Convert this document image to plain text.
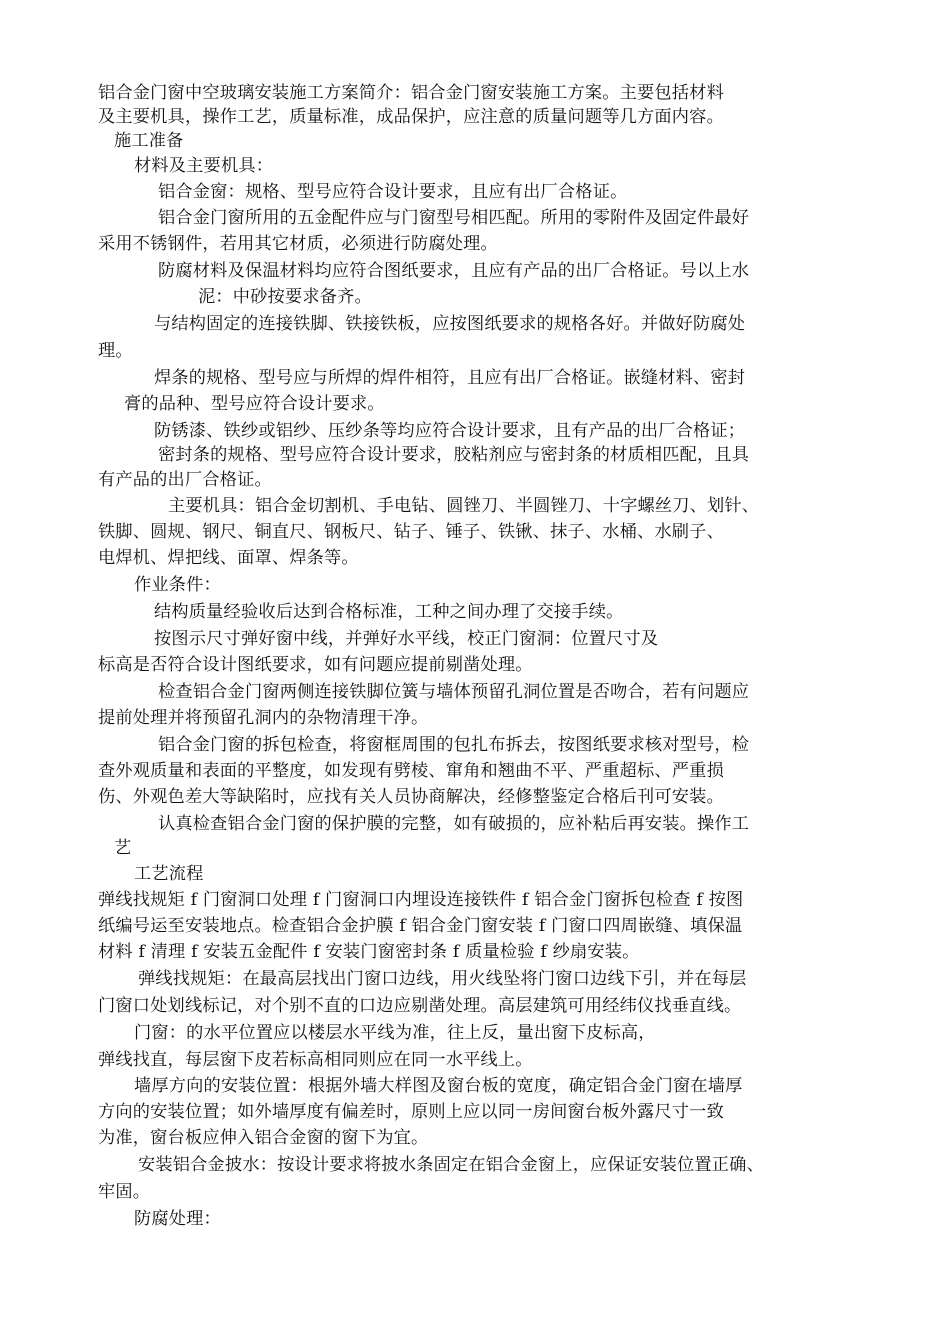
铝合金门窗中空玻璃安装施工方案简介：铝合金门窗安装施工方案。主要包括材料
及主要机具，操作工艺，质量标准，成品保护，应注意的质量问题等几方面内容。
施工准备
材料及主要机具：
铝合金窗：规格、型号应符合设计要求，且应有出厂合格证。
铝合金门窗所用的五金配件应与门窗型号相匹配。所用的零附件及固定件最好
采用不锈钢件，若用其它材质，必须进行防腐处理。
防腐材料及保温材料均应符合图纸要求，且应有产品的出厂合格证。号以上水
泥：中砂按要求备齐。
与结构固定的连接铁脚、铁接铁板，应按图纸要求的规格各好。并做好防腐处
理。
焊条的规格、型号应与所焊的焊件相符，且应有出厂合格证。嵌缝材料、密封
膏的品种、型号应符合设计要求。
防锈漆、铁纱或铝纱、压纱条等均应符合设计要求，且有产品的出厂合格证；
密封条的规格、型号应符合设计要求，胶粘剂应与密封条的材质相匹配，且具
有产品的出厂合格证。
主要机具：铝合金切割机、手电钻、圆锉刀、半圆锉刀、十字螺丝刀、划针、
铁脚、圆规、钢尺、铜直尺、钢板尺、钻子、锤子、铁锹、抹子、水桶、水刷子、
电焊机、焊把线、面罩、焊条等。
作业条件：
结构质量经验收后达到合格标准，工种之间办理了交接手续。
按图示尺寸弹好窗中线，并弹好水平线，校正门窗洞：位置尺寸及
标高是否符合设计图纸要求，如有问题应提前剔凿处理。
检查铝合金门窗两侧连接铁脚位簧与墙体预留孔洞位置是否吻合，若有问题应
提前处理并将预留孔洞内的杂物清理干净。
铝合金门窗的拆包检查，将窗框周围的包扎布拆去，按图纸要求核对型号，检
查外观质量和表面的平整度，如发现有劈棱、窜角和翘曲不平、严重超标、严重损
伤、外观色差大等缺陷时，应找有关人员协商解决，经修整鉴定合格后刊可安装。
认真检查铝合金门窗的保护膜的完整，如有破损的，应补粘后再安装。操作工
艺
工艺流程
弹线找规矩 f 门窗洞口处理 f 门窗洞口内埋设连接铁件 f 铝合金门窗拆包检查 f 按图
纸编号运至安装地点。检查铝合金护膜 f 铝合金门窗安装 f 门窗口四周嵌缝、填保温
材料 f 清理 f 安装五金配件 f 安装门窗密封条 f 质量检验 f 纱扇安装。
弹线找规矩：在最高层找出门窗口边线，用火线坠将门窗口边线下引，并在每层
门窗口处划线标记，对个别不直的口边应剔凿处理。高层建筑可用经纬仪找垂直线。
门窗：的水平位置应以楼层水平线为准，往上反，量出窗下皮标高，
弹线找直，每层窗下皮若标高相同则应在同一水平线上。
墙厚方向的安装位置：根据外墙大样图及窗台板的宽度，确定铝合金门窗在墙厚
方向的安装位置；如外墙厚度有偏差时，原则上应以同一房间窗台板外露尺寸一致
为准，窗台板应伸入铝合金窗的窗下为宜。
安装铝合金披水：按设计要求将披水条固定在铝合金窗上，应保证安装位置正确、
牢固。
防腐处理：
